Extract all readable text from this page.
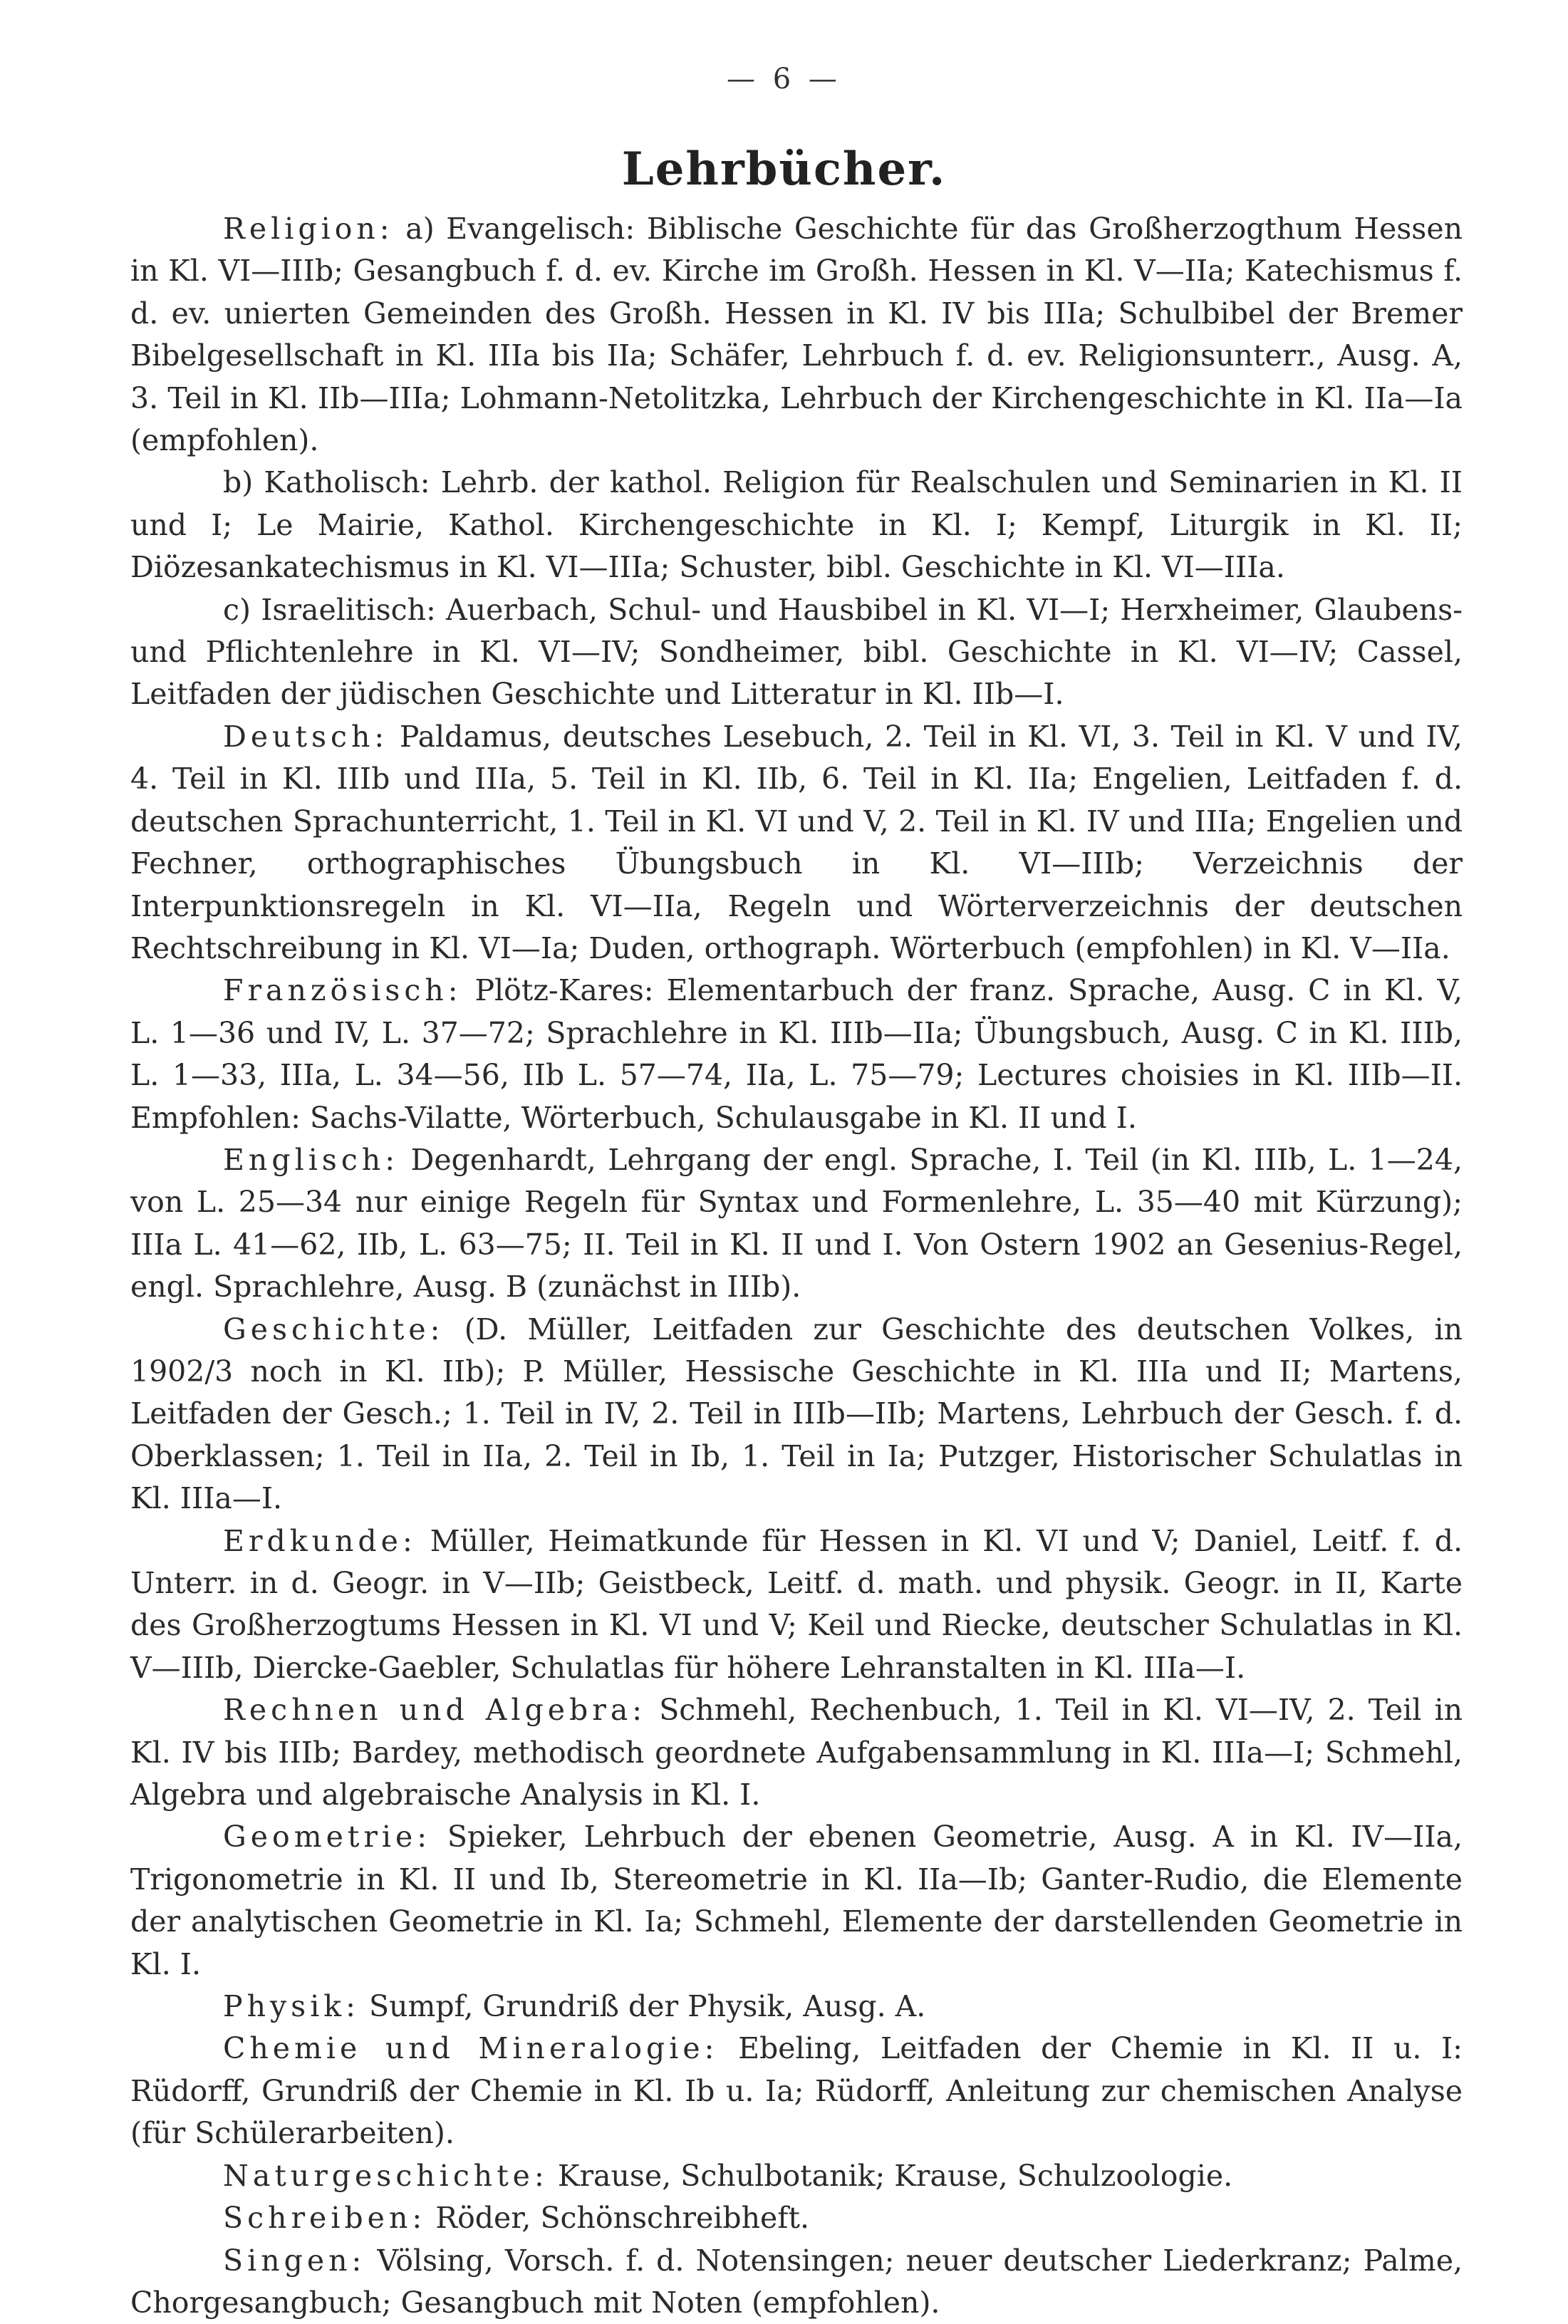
— 6 —
Lehrbücher.

Religion: a) Evangelisch: Biblische Geschichte für das Großherzogthum Hessen in Kl. VI—IIIb; Gesangbuch f. d. ev. Kirche im Großh. Hessen in Kl. V—IIa; Katechismus f. d. ev. unierten Gemeinden des Großh. Hessen in Kl. IV bis IIIa; Schulbibel der Bremer Bibelgesellschaft in Kl. IIIa bis IIa; Schäfer, Lehrbuch f. d. ev. Religionsunterr., Ausg. A, 3. Teil in Kl. IIb—IIIa; Lohmann-Netolitzka, Lehrbuch der Kirchengeschichte in Kl. IIa—Ia (empfohlen).

b) Katholisch: Lehrb. der kathol. Religion für Realschulen und Seminarien in Kl. II und I; Le Mairie, Kathol. Kirchengeschichte in Kl. I; Kempf, Liturgik in Kl. II; Diözesankatechismus in Kl. VI—IIIa; Schuster, bibl. Geschichte in Kl. VI—IIIa.

c) Israelitisch: Auerbach, Schul- und Hausbibel in Kl. VI—I; Herxheimer, Glaubens- und Pflichtenlehre in Kl. VI—IV; Sondheimer, bibl. Geschichte in Kl. VI—IV; Cassel, Leitfaden der jüdischen Geschichte und Litteratur in Kl. IIb—I.

Deutsch: Paldamus, deutsches Lesebuch, 2. Teil in Kl. VI, 3. Teil in Kl. V und IV, 4. Teil in Kl. IIIb und IIIa, 5. Teil in Kl. IIb, 6. Teil in Kl. IIa; Engelien, Leitfaden f. d. deutschen Sprachunterricht, 1. Teil in Kl. VI und V, 2. Teil in Kl. IV und IIIa; Engelien und Fechner, orthographisches Übungsbuch in Kl. VI—IIIb; Verzeichnis der Interpunktionsregeln in Kl. VI—IIa, Regeln und Wörterverzeichnis der deutschen Rechtschreibung in Kl. VI—Ia; Duden, orthograph. Wörterbuch (empfohlen) in Kl. V—IIa.

Französisch: Plötz-Kares: Elementarbuch der franz. Sprache, Ausg. C in Kl. V, L. 1—36 und IV, L. 37—72; Sprachlehre in Kl. IIIb—IIa; Übungsbuch, Ausg. C in Kl. IIIb, L. 1—33, IIIa, L. 34—56, IIb L. 57—74, IIa, L. 75—79; Lectures choisies in Kl. IIIb—II. Empfohlen: Sachs-Vilatte, Wörterbuch, Schulausgabe in Kl. II und I.

Englisch: Degenhardt, Lehrgang der engl. Sprache, I. Teil (in Kl. IIIb, L. 1—24, von L. 25—34 nur einige Regeln für Syntax und Formenlehre, L. 35—40 mit Kürzung); IIIa L. 41—62, IIb, L. 63—75; II. Teil in Kl. II und I. Von Ostern 1902 an Gesenius-Regel, engl. Sprachlehre, Ausg. B (zunächst in IIIb).

Geschichte: (D. Müller, Leitfaden zur Geschichte des deutschen Volkes, in 1902/3 noch in Kl. IIb); P. Müller, Hessische Geschichte in Kl. IIIa und II; Martens, Leitfaden der Gesch.; 1. Teil in IV, 2. Teil in IIIb—IIb; Martens, Lehrbuch der Gesch. f. d. Oberklassen; 1. Teil in IIa, 2. Teil in Ib, 1. Teil in Ia; Putzger, Historischer Schulatlas in Kl. IIIa—I.

Erdkunde: Müller, Heimatkunde für Hessen in Kl. VI und V; Daniel, Leitf. f. d. Unterr. in d. Geogr. in V—IIb; Geistbeck, Leitf. d. math. und physik. Geogr. in II, Karte des Großherzogtums Hessen in Kl. VI und V; Keil und Riecke, deutscher Schulatlas in Kl. V—IIIb, Diercke-Gaebler, Schulatlas für höhere Lehranstalten in Kl. IIIa—I.

Rechnen und Algebra: Schmehl, Rechenbuch, 1. Teil in Kl. VI—IV, 2. Teil in Kl. IV bis IIIb; Bardey, methodisch geordnete Aufgabensammlung in Kl. IIIa—I; Schmehl, Algebra und algebraische Analysis in Kl. I.

Geometrie: Spieker, Lehrbuch der ebenen Geometrie, Ausg. A in Kl. IV—IIa, Trigonometrie in Kl. II und Ib, Stereometrie in Kl. IIa—Ib; Ganter-Rudio, die Elemente der analytischen Geometrie in Kl. Ia; Schmehl, Elemente der darstellenden Geometrie in Kl. I.

Physik: Sumpf, Grundriß der Physik, Ausg. A.

Chemie und Mineralogie: Ebeling, Leitfaden der Chemie in Kl. II u. I: Rüdorff, Grundriß der Chemie in Kl. Ib u. Ia; Rüdorff, Anleitung zur chemischen Analyse (für Schülerarbeiten).

Naturgeschichte: Krause, Schulbotanik; Krause, Schulzoologie.

Schreiben: Röder, Schönschreibheft.

Singen: Völsing, Vorsch. f. d. Notensingen; neuer deutscher Liederkranz; Palme, Chorgesangbuch; Gesangbuch mit Noten (empfohlen).
